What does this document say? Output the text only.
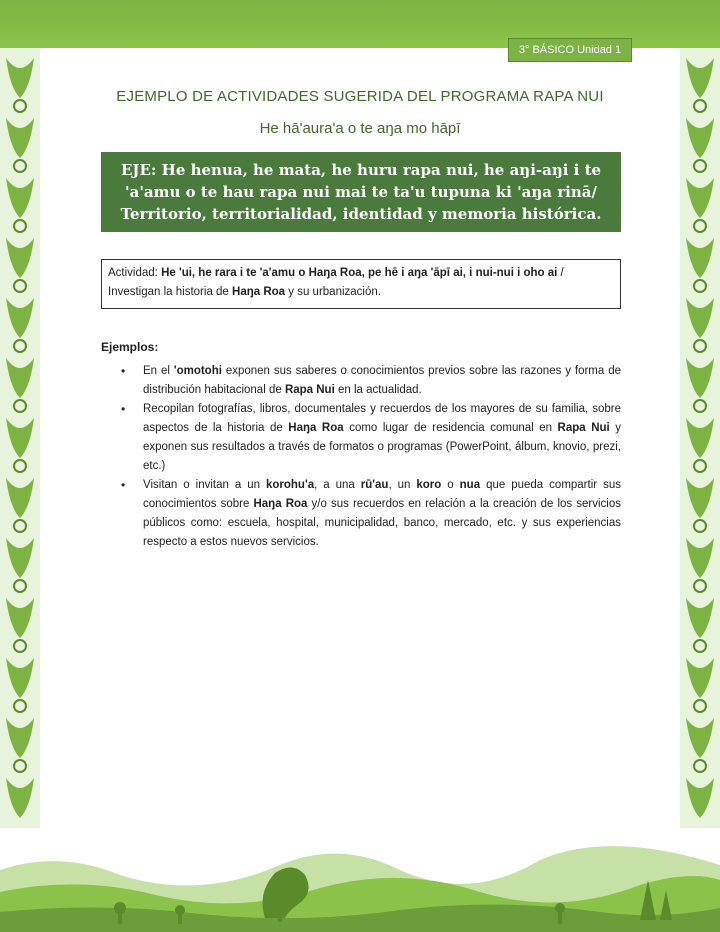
3° BÁSICO Unidad 1
EJEMPLO DE ACTIVIDADES SUGERIDA DEL PROGRAMA RAPA NUI
He hā'aura'a o te aŋa mo hāpī
EJE: He henua, he mata, he huru rapa nui, he aŋi-aŋi i te 'a'amu o te hau rapa nui mai te ta'u tupuna ki 'aŋa rinā/ Territorio, territorialidad, identidad y memoria histórica.
Actividad: He 'ui, he rara i te 'a'amu o Haŋa Roa, pe hē i aŋa 'āpī ai, i nui-nui i oho ai / Investigan la historia de Haŋa Roa y su urbanización.
Ejemplos:
• En el 'omotohi exponen sus saberes o conocimientos previos sobre las razones y forma de distribución habitacional de Rapa Nui en la actualidad.
• Recopilan fotografías, libros, documentales y recuerdos de los mayores de su familia, sobre aspectos de la historia de Haŋa Roa como lugar de residencia comunal en Rapa Nui y exponen sus resultados a través de formatos o programas (PowerPoint, álbum, knovio, prezi, etc.)
• Visitan o invitan a un korohu'a, a una rū'au, un koro o nua que pueda compartir sus conocimientos sobre Haŋa Roa y/o sus recuerdos en relación a la creación de los servicios públicos como: escuela, hospital, municipalidad, banco, mercado, etc. y sus experiencias respecto a estos nuevos servicios.
